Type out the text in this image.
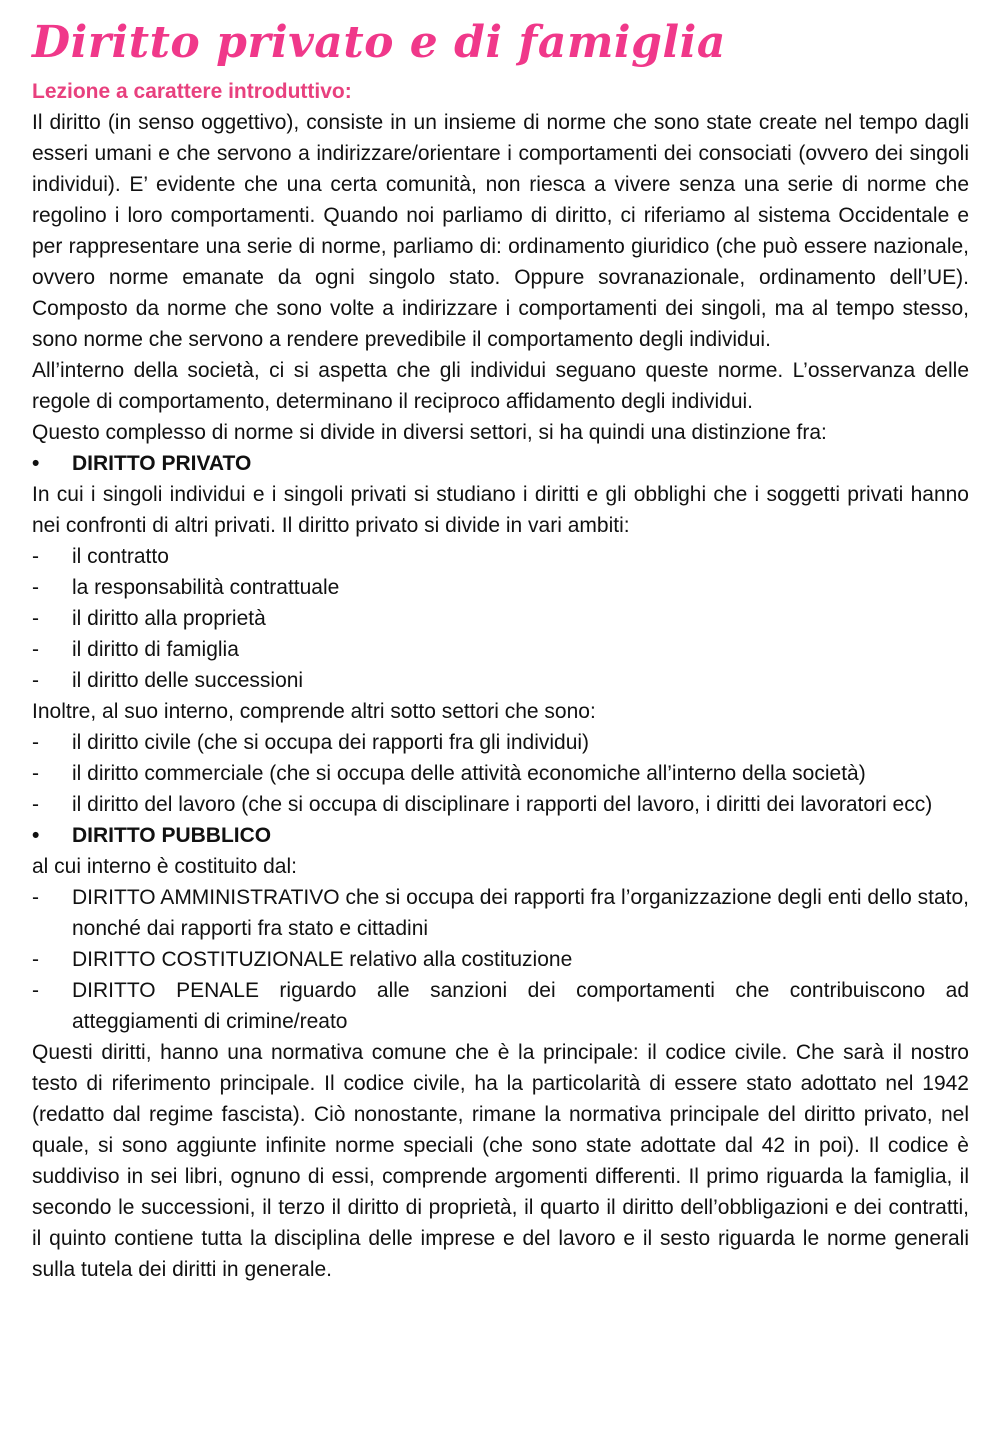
Diritto privato e di famiglia
Lezione a carattere introduttivo:

Il diritto (in senso oggettivo), consiste in un insieme di norme che sono state create nel tempo dagli esseri umani e che servono a indirizzare/orientare i comportamenti dei consociati (ovvero dei singoli individui). E’ evidente che una certa comunità, non riesca a vivere senza una serie di norme che regolino i loro comportamenti. Quando noi parliamo di diritto, ci riferiamo al sistema Occidentale e per rappresentare una serie di norme, parliamo di: ordinamento giuridico (che può essere nazionale, ovvero norme emanate da ogni singolo stato. Oppure sovranazionale, ordinamento dell’UE). Composto da norme che sono volte a indirizzare i comportamenti dei singoli, ma al tempo stesso, sono norme che servono a rendere prevedibile il comportamento degli individui.

All’interno della società, ci si aspetta che gli individui seguano queste norme. L’osservanza delle regole di comportamento, determinano il reciproco affidamento degli individui.

Questo complesso di norme si divide in diversi settori, si ha quindi una distinzione fra:

•	DIRITTO PRIVATO

In cui i singoli individui e i singoli privati si studiano i diritti e gli obblighi che i soggetti privati hanno nei confronti di altri privati. Il diritto privato si divide in vari ambiti:

-	il contratto
-	la responsabilità contrattuale
-	il diritto alla proprietà
-	il diritto di famiglia
-	il diritto delle successioni

Inoltre, al suo interno, comprende altri sotto settori che sono:

-	il diritto civile (che si occupa dei rapporti fra gli individui)
-	il diritto commerciale (che si occupa delle attività economiche all’interno della società)
-	il diritto del lavoro (che si occupa di disciplinare i rapporti del lavoro, i diritti dei lavoratori ecc)
•	DIRITTO PUBBLICO

al cui interno è costituito dal:

-	DIRITTO AMMINISTRATIVO che si occupa dei rapporti fra l’organizzazione degli enti dello stato, nonché dai rapporti fra stato e cittadini
-	DIRITTO COSTITUZIONALE relativo alla costituzione
-	DIRITTO PENALE riguardo alle sanzioni dei comportamenti che contribuiscono ad atteggiamenti di crimine/reato

Questi diritti, hanno una normativa comune che è la principale: il codice civile. Che sarà il nostro testo di riferimento principale. Il codice civile, ha la particolarità di essere stato adottato nel 1942 (redatto dal regime fascista). Ciò nonostante, rimane la normativa principale del diritto privato, nel quale, si sono aggiunte infinite norme speciali (che sono state adottate dal 42 in poi). Il codice è suddiviso in sei libri, ognuno di essi, comprende argomenti differenti. Il primo riguarda la famiglia, il secondo le successioni, il terzo il diritto di proprietà, il quarto il diritto dell’obbligazioni e dei contratti, il quinto contiene tutta la disciplina delle imprese e del lavoro e il sesto riguarda le norme generali sulla tutela dei diritti in generale.
